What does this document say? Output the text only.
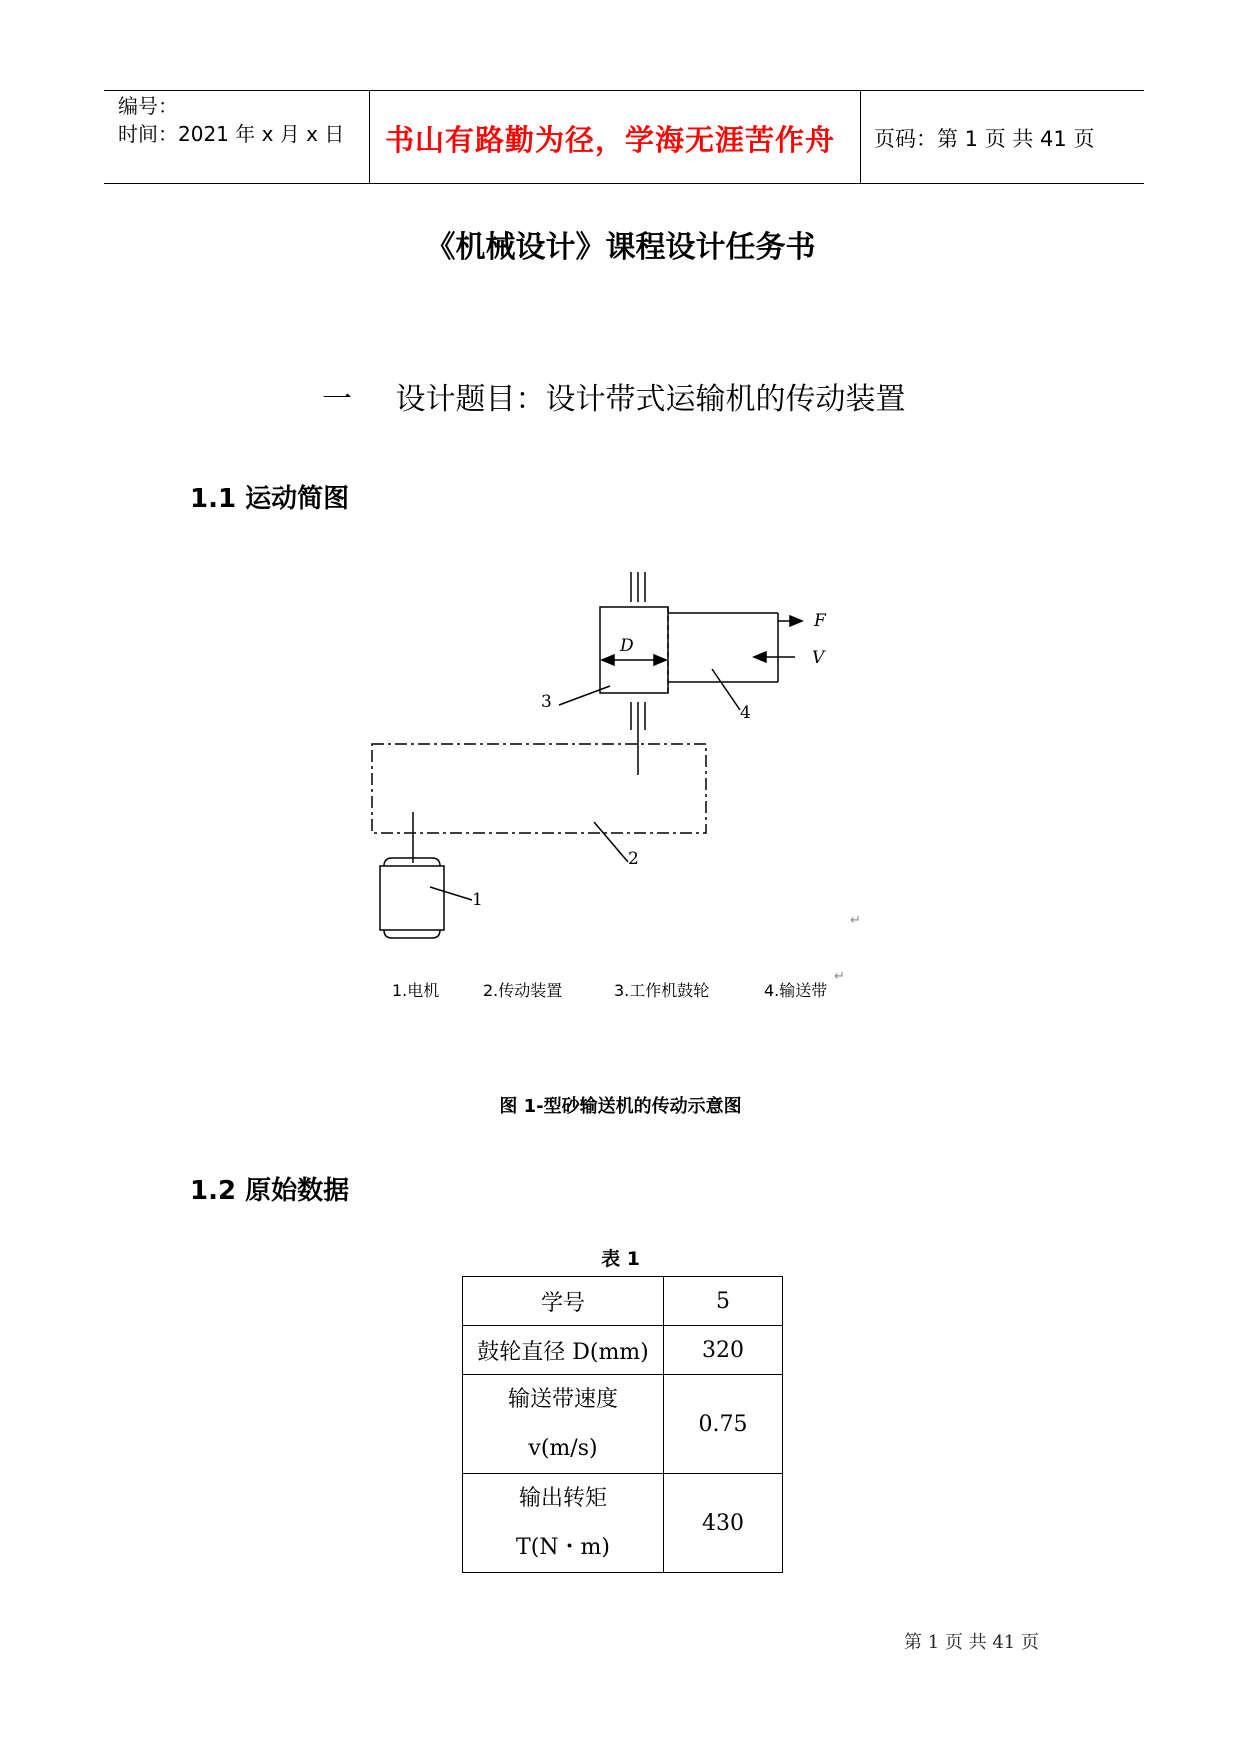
编号：
时间：2021 年 x 月 x 日	书山有路勤为径，学海无涯苦作舟	页码：第 1 页 共 41 页
《机械设计》课程设计任务书
一 设计题目：设计带式运输机的传动装置
1.1 运动简图
F
V
D
1
2
3
4
↵
↵
1.电机	2.传动装置	3.工作机鼓轮	4.输送带
图 1-型砂输送机的传动示意图
1.2 原始数据
表 1
学号	5
鼓轮直径 D(mm)	320

输送带速度
v(m/s)	0.75

输出转矩
T(N・m)	430
第 1 页 共 41 页
